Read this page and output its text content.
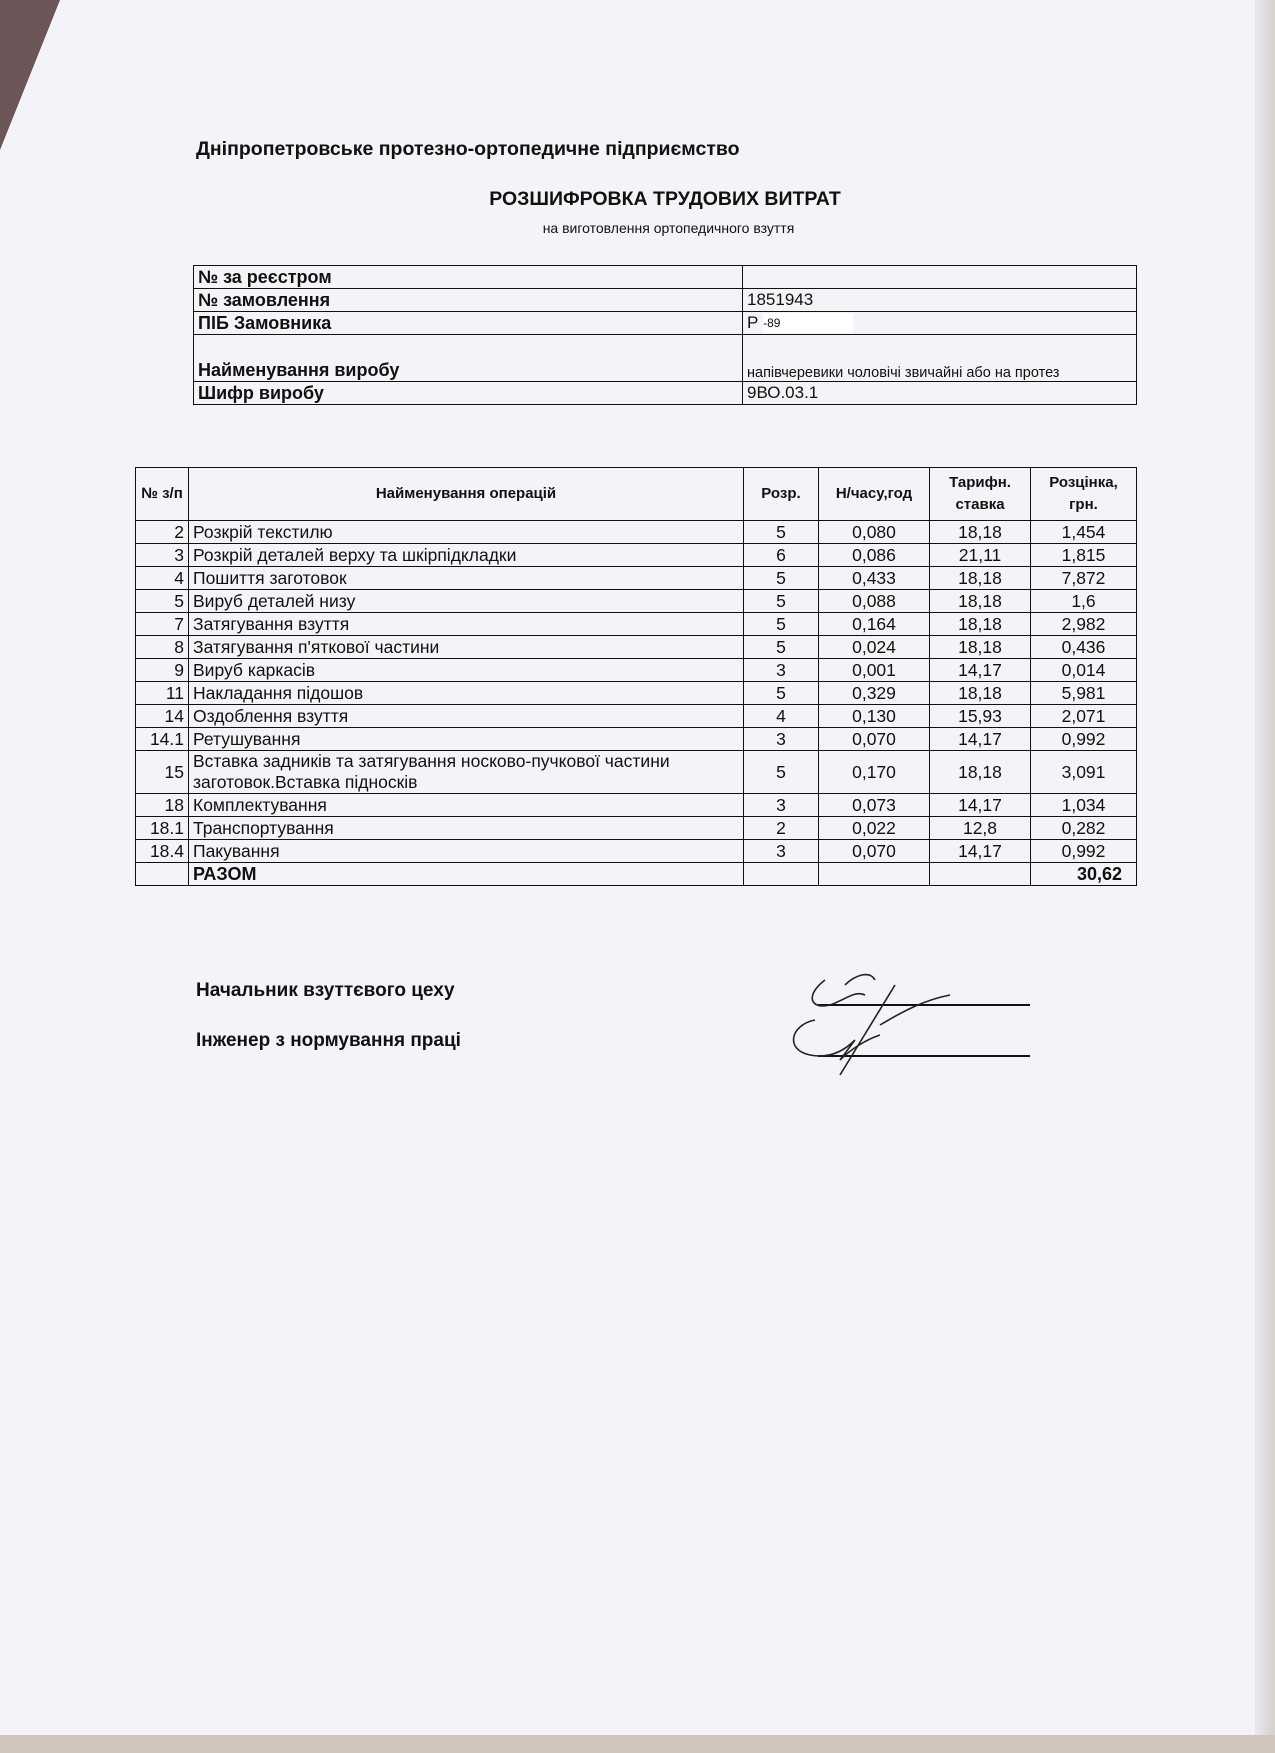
Дніпропетровське протезно-ортопедичне підприємство
РОЗШИФРОВКА ТРУДОВИХ ВИТРАТ
на виготовлення ортопедичного взуття
№ за реєстром	
№ замовлення	1851943
ПІБ Замовника	Р -89
Найменування виробу	напівчеревики чоловічі звичайні або на протез
Шифр виробу	9ВО.03.1
№ з/п	Найменування операцій	Розр.	Н/часу,год	Тарифн. ставка	Розцінка, грн.
2	Розкрій текстилю	5	0,080	18,18	1,454
3	Розкрій деталей верху та шкірпідкладки	6	0,086	21,11	1,815
4	Пошиття заготовок	5	0,433	18,18	7,872
5	Вируб деталей низу	5	0,088	18,18	1,6
7	Затягування взуття	5	0,164	18,18	2,982
8	Затягування п'яткової частини	5	0,024	18,18	0,436
9	Вируб каркасів	3	0,001	14,17	0,014
11	Накладання підошов	5	0,329	18,18	5,981
14	Оздоблення взуття	4	0,130	15,93	2,071
14.1	Ретушування	3	0,070	14,17	0,992
15	Вставка задників та затягування носково-пучкової частини заготовок.Вставка підносків	5	0,170	18,18	3,091
18	Комплектування	3	0,073	14,17	1,034
18.1	Транспортування	2	0,022	12,8	0,282
18.4	Пакування	3	0,070	14,17	0,992
	РАЗОМ				30,62
Начальник взуттєвого цеху
Інженер з нормування праці
